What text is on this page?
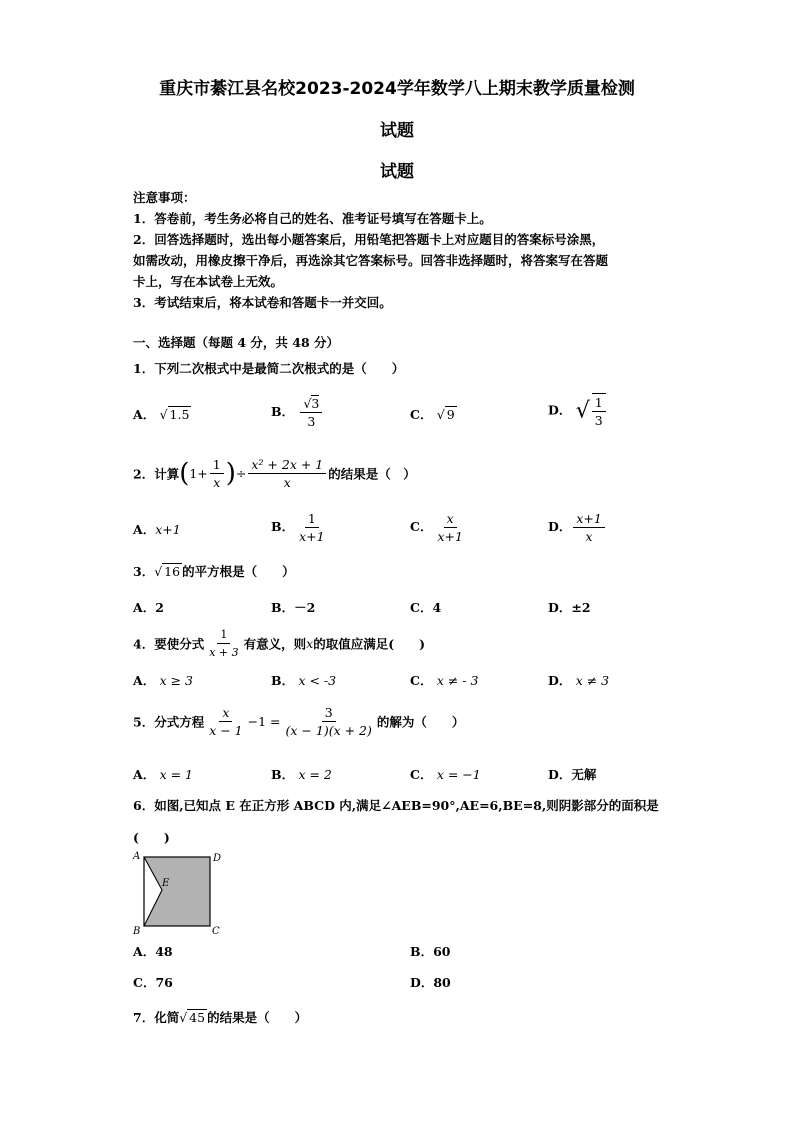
重庆市綦江县名校2023-2024学年数学八上期末教学质量检测
试题
试题
注意事项：
1．答卷前，考生务必将自己的姓名、准考证号填写在答题卡上。
2．回答选择题时，选出每小题答案后，用铅笔把答题卡上对应题目的答案标号涂黑，
如需改动，用橡皮擦干净后，再选涂其它答案标号。回答非选择题时，将答案写在答题
卡上，写在本试卷上无效。
3．考试结束后，将本试卷和答题卡一并交回。
一、选择题（每题 4 分，共 48 分）
1．下列二次根式中是最简二次根式的是（　　）
A． √ 1.5	B． $\frac{√3}{3}$	C． √ 9	D． √ $\frac{1}{3}$
2．计算($1+ \frac{1}{x}$ )÷ $\frac{\text{x² + 2x + 1}}{x}$ 的结果是（　）
A．x+1	B． $\frac{1}{x+1}$	C． $\frac{x}{x+1}$	D． $\frac{x+1}{x}$
3．√ 16 的平方根是（　　）
A．2	B．－2	C．4	D．±2
4．要使分式 $\frac{1}{x + 3}$ 有意义，则x的取值应满足(　　)
A． x ≥ 3	B． x < -3	C． x ≠ - 3	D． x ≠ 3
5．分式方程 $\frac{x}{x - 1} -1 = \frac{3}{(x - 1)(x + 2)}$ 的解为（　　）
A． x = 1	B． x = 2	C． x = −1	D．无解
6．如图,已知点 E 在正方形 ABCD 内,满足∠AEB=90°,AE=6,BE=8,则阴影部分的面积是
(　　)
A	D
B	C
E
A．48	B．60
C．76	D．80
7．化简√ 45 的结果是（　　）
